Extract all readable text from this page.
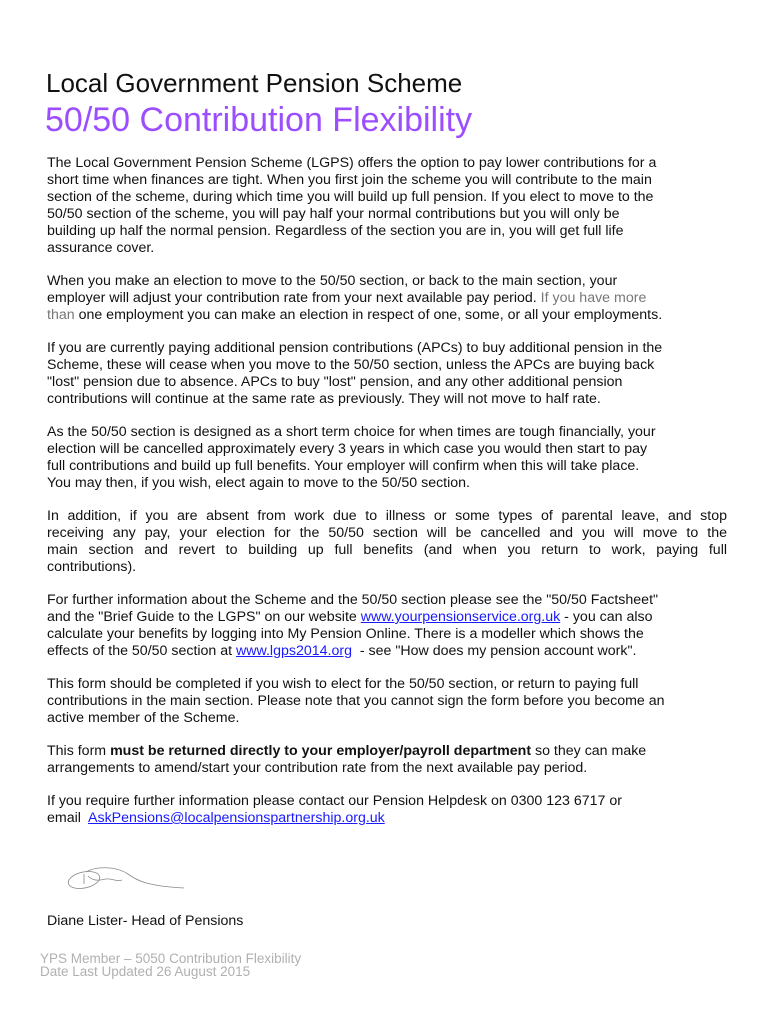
Local Government Pension Scheme
50/50 Contribution Flexibility
The Local Government Pension Scheme (LGPS) offers the option to pay lower contributions for a
short time when finances are tight. When you first join the scheme you will contribute to the main
section of the scheme, during which time you will build up full pension. If you elect to move to the
50/50 section of the scheme, you will pay half your normal contributions but you will only be
building up half the normal pension. Regardless of the section you are in, you will get full life
assurance cover.
When you make an election to move to the 50/50 section, or back to the main section, your
employer will adjust your contribution rate from your next available pay period. If you have more
than one employment you can make an election in respect of one, some, or all your employments.
If you are currently paying additional pension contributions (APCs) to buy additional pension in the
Scheme, these will cease when you move to the 50/50 section, unless the APCs are buying back
"lost" pension due to absence. APCs to buy "lost" pension, and any other additional pension
contributions will continue at the same rate as previously. They will not move to half rate.
As the 50/50 section is designed as a short term choice for when times are tough financially, your
election will be cancelled approximately every 3 years in which case you would then start to pay
full contributions and build up full benefits. Your employer will confirm when this will take place.
You may then, if you wish, elect again to move to the 50/50 section.
In addition, if you are absent from work due to illness or some types of parental leave, and stop
receiving any pay, your election for the 50/50 section will be cancelled and you will move to the
main section and revert to building up full benefits (and when you return to work, paying full
contributions).
For further information about the Scheme and the 50/50 section please see the "50/50 Factsheet"
and the "Brief Guide to the LGPS" on our website www.yourpensionservice.org.uk - you can also
calculate your benefits by logging into My Pension Online. There is a modeller which shows the
effects of the 50/50 section at www.lgps2014.org  - see "How does my pension account work".
This form should be completed if you wish to elect for the 50/50 section, or return to paying full
contributions in the main section. Please note that you cannot sign the form before you become an
active member of the Scheme.
This form must be returned directly to your employer/payroll department so they can make
arrangements to amend/start your contribution rate from the next available pay period.
If you require further information please contact our Pension Helpdesk on 0300 123 6717 or
email  AskPensions@localpensionspartnership.org.uk
Diane Lister- Head of Pensions
YPS Member – 5050 Contribution Flexibility
Date Last Updated 26 August 2015
